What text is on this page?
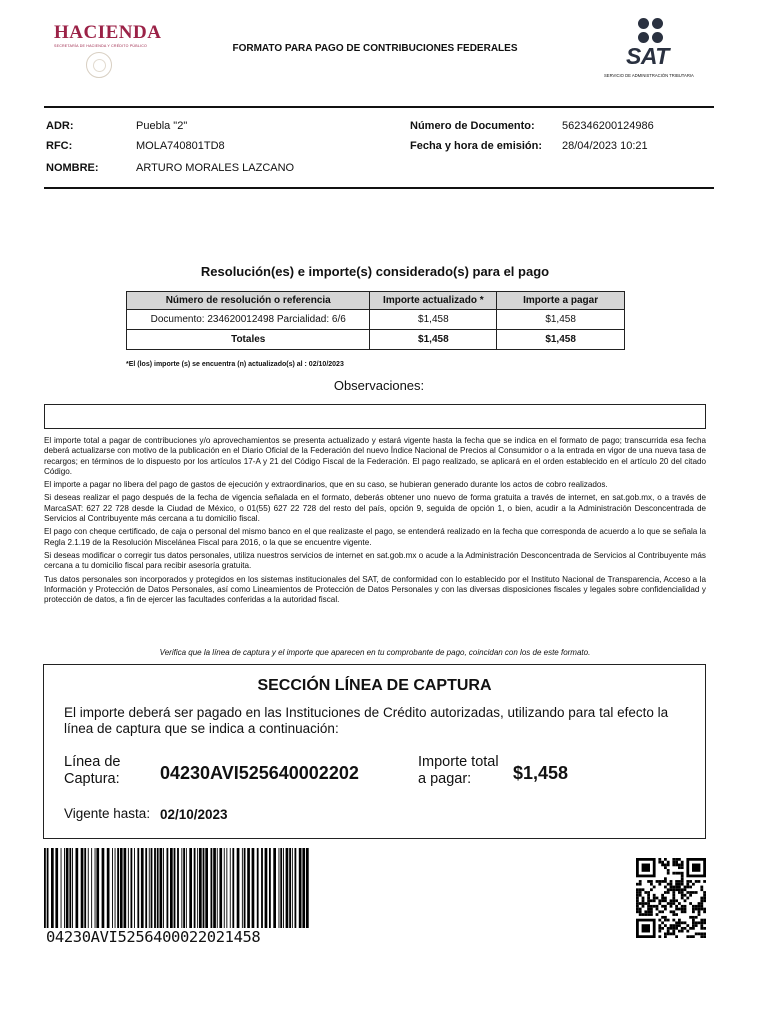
HACIENDA
SECRETARÍA DE HACIENDA Y CRÉDITO PÚBLICO	FORMATO PARA PAGO DE CONTRIBUCIONES FEDERALES	SAT
SERVICIO DE ADMINISTRACIÓN TRIBUTARIA
ADR:	Puebla "2"
RFC:	MOLA740801TD8
NOMBRE:	ARTURO MORALES LAZCANO
Número de Documento: 562346200124986
Fecha y hora de emisión: 28/04/2023 10:21
Resolución(es) e importe(s) considerado(s) para el pago
Número de resolución o referencia	Importe actualizado *	Importe a pagar
Documento: 234620012498 Parcialidad: 6/6	$1,458	$1,458
Totales	$1,458	$1,458
*El (los) importe (s) se encuentra (n) actualizado(s) al : 02/10/2023
Observaciones:

El importe total a pagar de contribuciones y/o aprovechamientos se presenta actualizado y estará vigente hasta la fecha que se indica en el formato de pago; transcurrida esa fecha deberá actualizarse con motivo de la publicación en el Diario Oficial de la Federación del nuevo Índice Nacional de Precios al Consumidor o a la entrada en vigor de una nueva tasa de recargos; en términos de lo dispuesto por los artículos 17-A y 21 del Código Fiscal de la Federación. El pago realizado, se aplicará en el orden establecido en el artículo 20 del citado Código.

El importe a pagar no libera del pago de gastos de ejecución y extraordinarios, que en su caso, se hubieran generado durante los actos de cobro realizados.

Si deseas realizar el pago después de la fecha de vigencia señalada en el formato, deberás obtener uno nuevo de forma gratuita a través de internet, en sat.gob.mx, o a través de MarcaSAT: 627 22 728 desde la Ciudad de México, o 01(55) 627 22 728 del resto del país, opción 9, seguida de opción 1, o bien, acudir a la Administración Desconcentrada de Servicios al Contribuyente más cercana a tu domicilio fiscal.

El pago con cheque certificado, de caja o personal del mismo banco en el que realizaste el pago, se entenderá realizado en la fecha que corresponda de acuerdo a lo que se señala la Regla 2.1.19 de la Resolución Miscelánea Fiscal para 2016, o la que se encuentre vigente.

Si deseas modificar o corregir tus datos personales, utiliza nuestros servicios de internet en sat.gob.mx o acude a la Administración Desconcentrada de Servicios al Contribuyente más cercana a tu domicilio fiscal para recibir asesoría gratuita.

Tus datos personales son incorporados y protegidos en los sistemas institucionales del SAT, de conformidad con lo establecido por el Instituto Nacional de Transparencia, Acceso a la Información y Protección de Datos Personales, así como Lineamientos de Protección de Datos Personales y con las diversas disposiciones fiscales y legales sobre confidencialidad y protección de datos, a fin de ejercer las facultades conferidas a la autoridad fiscal.

Verifica que la línea de captura y el importe que aparecen en tu comprobante de pago, coincidan con los de este formato.
SECCIÓN LÍNEA DE CAPTURA
El importe deberá ser pagado en las Instituciones de Crédito autorizadas, utilizando para tal efecto la línea de captura que se indica a continuación:
Línea de
Captura: 04230AVI525640002202
Importe total
a pagar:	$1,458
Vigente hasta: 02/10/2023
04230AVI5256400022021458
